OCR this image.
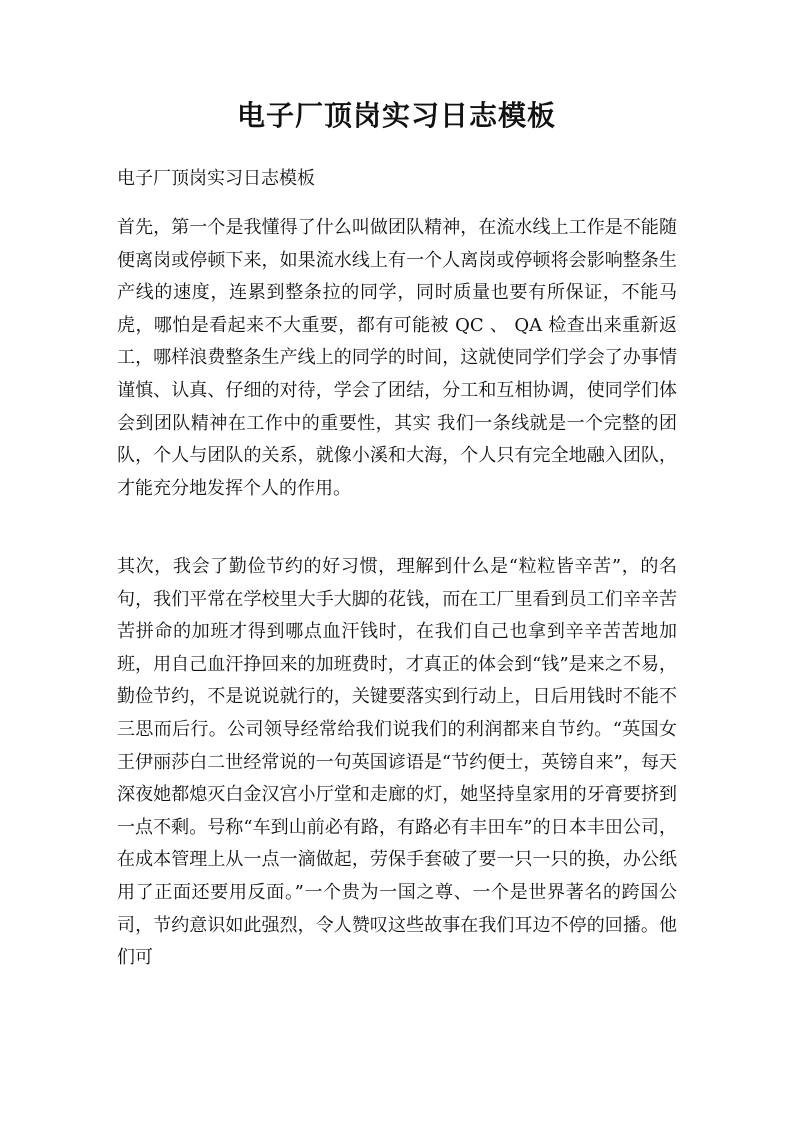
电子厂顶岗实习日志模板

电子厂顶岗实习日志模板

首先，第一个是我懂得了什么叫做团队精神，在流水线上工作是不能随便离岗或停顿下来，如果流水线上有一个人离岗或停顿将会影响整条生产线的速度，连累到整条拉的同学，同时质量也要有所保证，不能马虎，哪怕是看起来不大重要，都有可能被 QC 、 QA 检查出来重新返工，哪样浪费整条生产线上的同学的时间，这就使同学们学会了办事情谨慎、认真、仔细的对待，学会了团结，分工和互相协调，使同学们体会到团队精神在工作中的重要性，其实 我们一条线就是一个完整的团队，个人与团队的关系，就像小溪和大海，个人只有完全地融入团队，才能充分地发挥个人的作用。

其次，我会了勤俭节约的好习惯，理解到什么是“粒粒皆辛苦”，的名句，我们平常在学校里大手大脚的花钱，而在工厂里看到员工们辛辛苦苦拼命的加班才得到哪点血汗钱时，在我们自己也拿到辛辛苦苦地加班，用自己血汗挣回来的加班费时，才真正的体会到“钱”是来之不易，勤俭节约，不是说说就行的，关键要落实到行动上，日后用钱时不能不三思而后行。公司领导经常给我们说我们的利润都来自节约。“英国女王伊丽莎白二世经常说的一句英国谚语是“节约便士，英镑自来”，每天深夜她都熄灭白金汉宫小厅堂和走廊的灯，她坚持皇家用的牙膏要挤到一点不剩。号称“车到山前必有路，有路必有丰田车”的日本丰田公司，在成本管理上从一点一滴做起，劳保手套破了要一只一只的换，办公纸用了正面还要用反面。”一个贵为一国之尊、一个是世界著名的跨国公司，节约意识如此强烈，令人赞叹这些故事在我们耳边不停的回播。他们可
